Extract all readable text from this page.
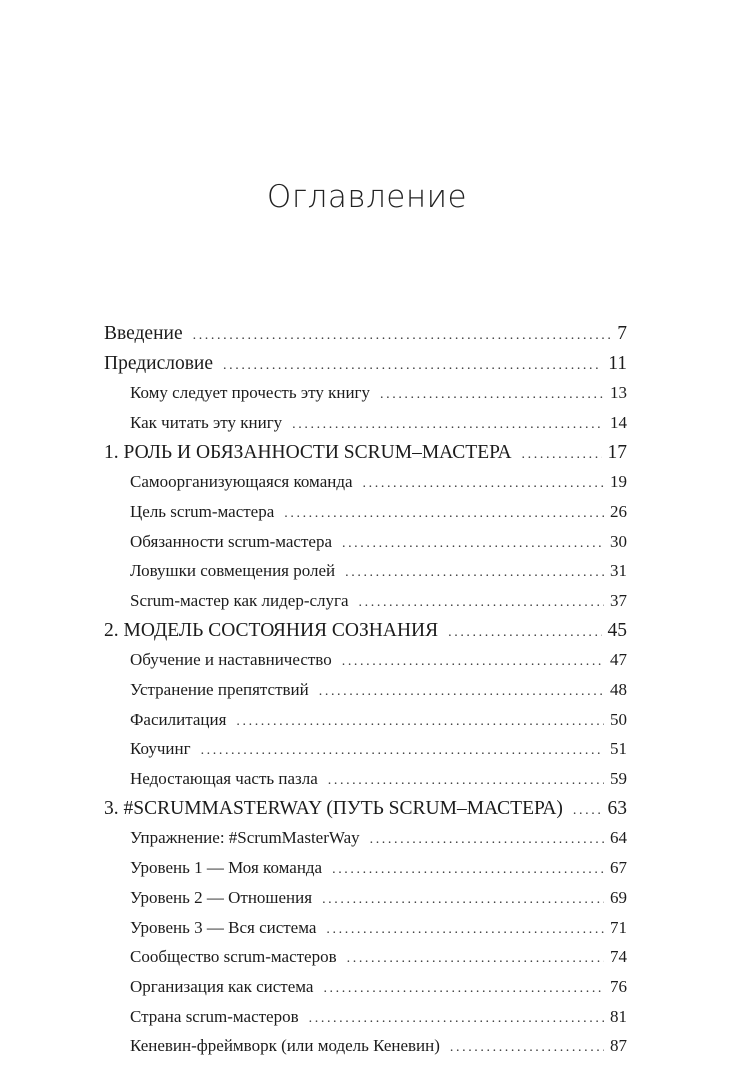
Оглавление
Введение .....	7
Предисловие .....	11
Кому следует прочесть эту книгу .....	13
Как читать эту книгу .....	14
1. РОЛЬ И ОБЯЗАННОСТИ SCRUM–МАСТЕРА .....	17
Самоорганизующаяся команда .....	19
Цель scrum-мастера .....	26
Обязанности scrum-мастера .....	30
Ловушки совмещения ролей .....	31
Scrum-мастер как лидер-слуга .....	37
2. МОДЕЛЬ СОСТОЯНИЯ СОЗНАНИЯ .....	45
Обучение и наставничество .....	47
Устранение препятствий .....	48
Фасилитация .....	50
Коучинг .....	51
Недостающая часть пазла .....	59
3. #SCRUMMASTERWAY (ПУТЬ SCRUM–МАСТЕРА) ..... 63
Упражнение: #ScrumMasterWay .....	64
Уровень 1 — Моя команда .....	67
Уровень 2 — Отношения .....	69
Уровень 3 — Вся система .....	71
Сообщество scrum-мастеров .....	74
Организация как система .....	76
Страна scrum-мастеров .....	81
Кеневин-фреймворк (или модель Кеневин) .....	87
